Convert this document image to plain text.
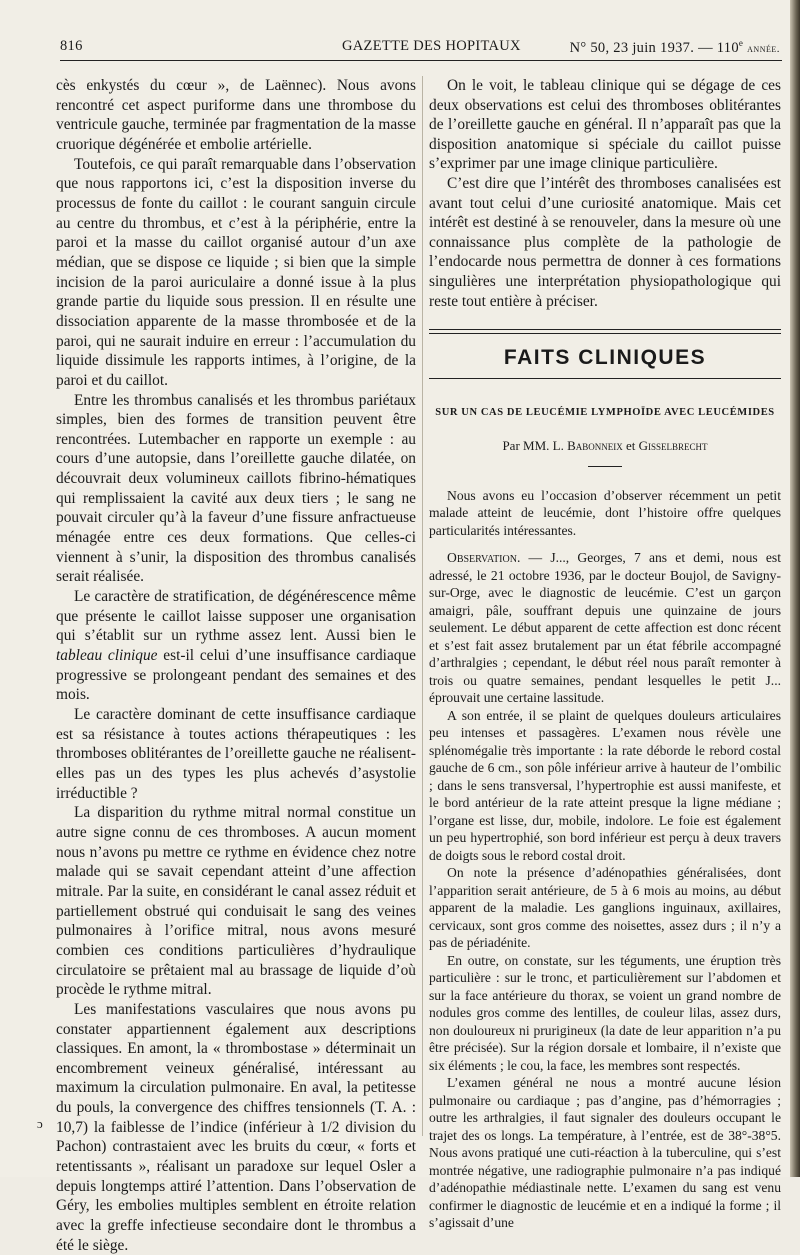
816	GAZETTE DES HOPITAUX	N° 50, 23 juin 1937. — 110e année.

cès enkystés du cœur », de Laënnec). Nous avons rencontré cet aspect puriforme dans une thrombose du ventricule gauche, terminée par fragmentation de la masse cruorique dégénérée et embolie artérielle.

Toutefois, ce qui paraît remarquable dans l’observation que nous rapportons ici, c’est la disposition inverse du processus de fonte du caillot : le courant sanguin circule au centre du thrombus, et c’est à la périphérie, entre la paroi et la masse du caillot organisé autour d’un axe médian, que se dispose ce liquide ; si bien que la simple incision de la paroi auriculaire a donné issue à la plus grande partie du liquide sous pression. Il en résulte une dissociation apparente de la masse thrombosée et de la paroi, qui ne saurait induire en erreur : l’accumulation du liquide dissimule les rapports intimes, à l’origine, de la paroi et du caillot.

Entre les thrombus canalisés et les thrombus pariétaux simples, bien des formes de transition peuvent être rencontrées. Lutembacher en rapporte un exemple : au cours d’une autopsie, dans l’oreillette gauche dilatée, on découvrait deux volumineux caillots fibrino-hématiques qui remplissaient la cavité aux deux tiers ; le sang ne pouvait circuler qu’à la faveur d’une fissure anfractueuse ménagée entre ces deux formations. Que celles-ci viennent à s’unir, la disposition des thrombus canalisés serait réalisée.

Le caractère de stratification, de dégénérescence même que présente le caillot laisse supposer une organisation qui s’établit sur un rythme assez lent. Aussi bien le tableau clinique est-il celui d’une insuffisance cardiaque progressive se prolongeant pendant des semaines et des mois.

Le caractère dominant de cette insuffisance cardiaque est sa résistance à toutes actions thérapeutiques : les thromboses oblitérantes de l’oreillette gauche ne réalisent-elles pas un des types les plus achevés d’asystolie irréductible ?

La disparition du rythme mitral normal constitue un autre signe connu de ces thromboses. A aucun moment nous n’avons pu mettre ce rythme en évidence chez notre malade qui se savait cependant atteint d’une affection mitrale. Par la suite, en considérant le canal assez réduit et partiellement obstrué qui conduisait le sang des veines pulmonaires à l’orifice mitral, nous avons mesuré combien ces conditions particulières d’hydraulique circulatoire se prêtaient mal au brassage de liquide d’où procède le rythme mitral.

Les manifestations vasculaires que nous avons pu constater appartiennent également aux descriptions classiques. En amont, la « thrombostase » déterminait un encombrement veineux généralisé, intéressant au maximum la circulation pulmonaire. En aval, la petitesse du pouls, la convergence des chiffres tensionnels (T. A. : 10,7) la faiblesse de l’indice (inférieur à 1/2 division du Pachon) contrastaient avec les bruits du cœur, « forts et retentissants », réalisant un paradoxe sur lequel Osler a depuis longtemps attiré l’attention. Dans l’observation de Géry, les embolies multiples semblent en étroite relation avec la greffe infectieuse secondaire dont le thrombus a été le siège.

On le voit, le tableau clinique qui se dégage de ces deux observations est celui des thromboses oblitérantes de l’oreillette gauche en général. Il n’apparaît pas que la disposition anatomique si spéciale du caillot puisse s’exprimer par une image clinique particulière.

C’est dire que l’intérêt des thromboses canalisées est avant tout celui d’une curiosité anatomique. Mais cet intérêt est destiné à se renouveler, dans la mesure où une connaissance plus complète de la pathologie de l’endocarde nous permettra de donner à ces formations singulières une interprétation physiopathologique qui reste tout entière à préciser.

FAITS CLINIQUES
SUR UN CAS DE LEUCÉMIE LYMPHOÏDE AVEC LEUCÉMIDES
Par MM. L. Babonneix et Gisselbrecht

Nous avons eu l’occasion d’observer récemment un petit malade atteint de leucémie, dont l’histoire offre quelques particularités intéressantes.

Observation. — J..., Georges, 7 ans et demi, nous est adressé, le 21 octobre 1936, par le docteur Boujol, de Savigny-sur-Orge, avec le diagnostic de leucémie. C’est un garçon amaigri, pâle, souffrant depuis une quinzaine de jours seulement. Le début apparent de cette affection est donc récent et s’est fait assez brutalement par un état fébrile accompagné d’arthralgies ; cependant, le début réel nous paraît remonter à trois ou quatre semaines, pendant lesquelles le petit J... éprouvait une certaine lassitude.

A son entrée, il se plaint de quelques douleurs articulaires peu intenses et passagères. L’examen nous révèle une splénomégalie très importante : la rate déborde le rebord costal gauche de 6 cm., son pôle inférieur arrive à hauteur de l’ombilic ; dans le sens transversal, l’hypertrophie est aussi manifeste, et le bord antérieur de la rate atteint presque la ligne médiane ; l’organe est lisse, dur, mobile, indolore. Le foie est également un peu hypertrophié, son bord inférieur est perçu à deux travers de doigts sous le rebord costal droit.

On note la présence d’adénopathies généralisées, dont l’apparition serait antérieure, de 5 à 6 mois au moins, au début apparent de la maladie. Les ganglions inguinaux, axillaires, cervicaux, sont gros comme des noisettes, assez durs ; il n’y a pas de périadénite.

En outre, on constate, sur les téguments, une éruption très particulière : sur le tronc, et particulièrement sur l’abdomen et sur la face antérieure du thorax, se voient un grand nombre de nodules gros comme des lentilles, de couleur lilas, assez durs, non douloureux ni prurigineux (la date de leur apparition n’a pu être précisée). Sur la région dorsale et lombaire, il n’existe que six éléments ; le cou, la face, les membres sont respectés.

L’examen général ne nous a montré aucune lésion pulmonaire ou cardiaque ; pas d’angine, pas d’hémorragies ; outre les arthralgies, il faut signaler des douleurs occupant le trajet des os longs. La température, à l’entrée, est de 38°-38°5. Nous avons pratiqué une cuti-réaction à la tuberculine, qui s’est montrée négative, une radiographie pulmonaire n’a pas indiqué d’adénopathie médiastinale nette. L’examen du sang est venu confirmer le diagnostic de leucémie et en a indiqué la forme ; il s’agissait d’une

ɔ
